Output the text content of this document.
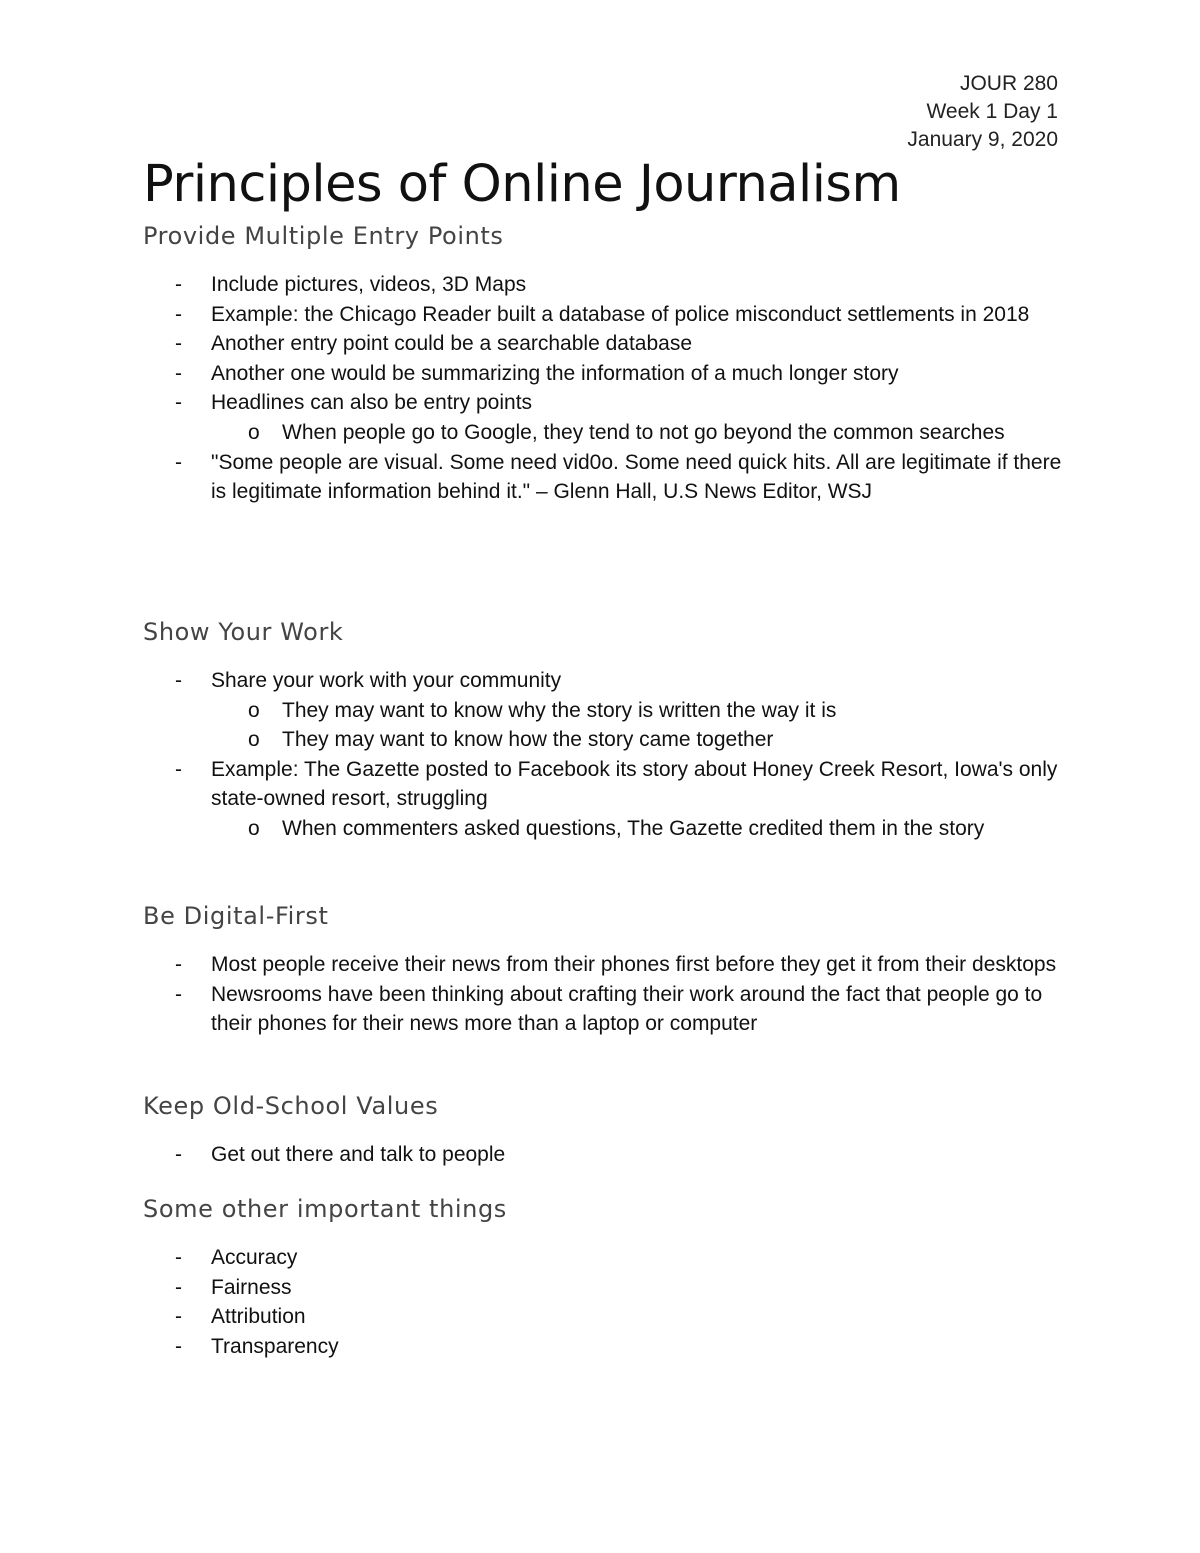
JOUR 280
Week 1 Day 1
January 9, 2020
Principles of Online Journalism
Provide Multiple Entry Points
- Include pictures, videos, 3D Maps
- Example: the Chicago Reader built a database of police misconduct settlements in 2018
- Another entry point could be a searchable database
- Another one would be summarizing the information of a much longer story
- Headlines can also be entry points
o When people go to Google, they tend to not go beyond the common searches
- "Some people are visual. Some need vid0o. Some need quick hits. All are legitimate if there is legitimate information behind it." – Glenn Hall, U.S News Editor, WSJ
Show Your Work
- Share your work with your community
o They may want to know why the story is written the way it is
o They may want to know how the story came together
- Example: The Gazette posted to Facebook its story about Honey Creek Resort, Iowa's only state-owned resort, struggling
o When commenters asked questions, The Gazette credited them in the story
Be Digital-First
- Most people receive their news from their phones first before they get it from their desktops
- Newsrooms have been thinking about crafting their work around the fact that people go to their phones for their news more than a laptop or computer
Keep Old-School Values
- Get out there and talk to people
Some other important things
- Accuracy
- Fairness
- Attribution
- Transparency
